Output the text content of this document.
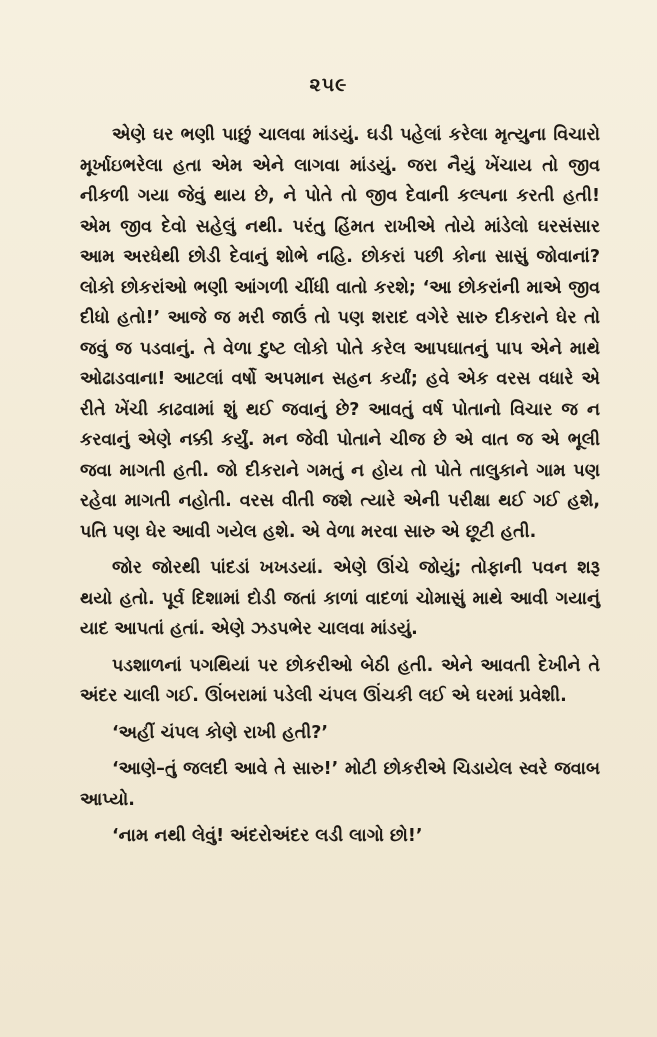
૨૫૯

એણે ઘર ભણી પાછું ચાલવા માંડયું. ઘડી પહેલાં કરેલા મૃત્યુના વિચારો મૂર્ખાઇભરેલા હતા એમ એને લાગવા માંડયું. જરા નૈયું ખેંચાય તો જીવ નીકળી ગયા જેવું થાય છે, ને પોતે તો જીવ દેવાની કલ્પના કરતી હતી! એમ જીવ દેવો સહેલું નથી. પરંતુ હિંમત રાખીએ તોયે માંડેલો ઘરસંસાર આમ અરધેથી છોડી દેવાનું શોભે નહિ. છોકરાં પછી કોના સાસું જોવાનાં? લોકો છોકરાંઓ ભણી આંગળી ચીંધી વાતો કરશે; ‘આ છોકરાંની માએ જીવ દીધો હતો!’ આજે જ મરી જાઉં તો પણ શરાદ વગેરે સારુ દીકરાને ઘેર તો જવું જ પડવાનું. તે વેળા દુષ્ટ લોકો પોતે કરેલ આપઘાતનું પાપ એને માથે ઓઢાડવાના! આટલાં વર્ષો અપમાન સહન કર્યાં; હવે એક વરસ વધારે એ રીતે ખેંચી કાઢવામાં શું થઈ જવાનું છે? આવતું વર્ષ પોતાનો વિચાર જ ન કરવાનું એણે નક્કી કર્યું. મન જેવી પોતાને ચીજ છે એ વાત જ એ ભૂલી જવા માગતી હતી. જો દીકરાને ગમતું ન હોય તો પોતે તાલુકાને ગામ પણ રહેવા માગતી નહોતી. વરસ વીતી જશે ત્યારે એની પરીક્ષા થઈ ગઈ હશે, પતિ પણ ઘેર આવી ગયેલ હશે. એ વેળા મરવા સારુ એ છૂટી હતી.

જોર જોરથી પાંદડાં ખખડયાં. એણે ઊંચે જોયું; તોફાની પવન શરૂ થયો હતો. પૂર્વ દિશામાં દોડી જતાં કાળાં વાદળાં ચોમાસું માથે આવી ગયાનું યાદ આપતાં હતાં. એણે ઝડપભેર ચાલવા માંડયું.

પડશાળનાં પગથિયાં પર છોકરીઓ બેઠી હતી. એને આવતી દેખીને તે અંદર ચાલી ગઈ. ઊંબરામાં પડેલી ચંપલ ઊંચકી લઈ એ ઘરમાં પ્રવેશી.

‘અહીં ચંપલ કોણે રાખી હતી?’

‘આણે–તું જલદી આવે તે સારુ!’ મોટી છોકરીએ ચિડાયેલ સ્વરે જવાબ આપ્યો.

‘નામ નથી લેવું! અંદરોઅંદર લડી લાગો છો!’
